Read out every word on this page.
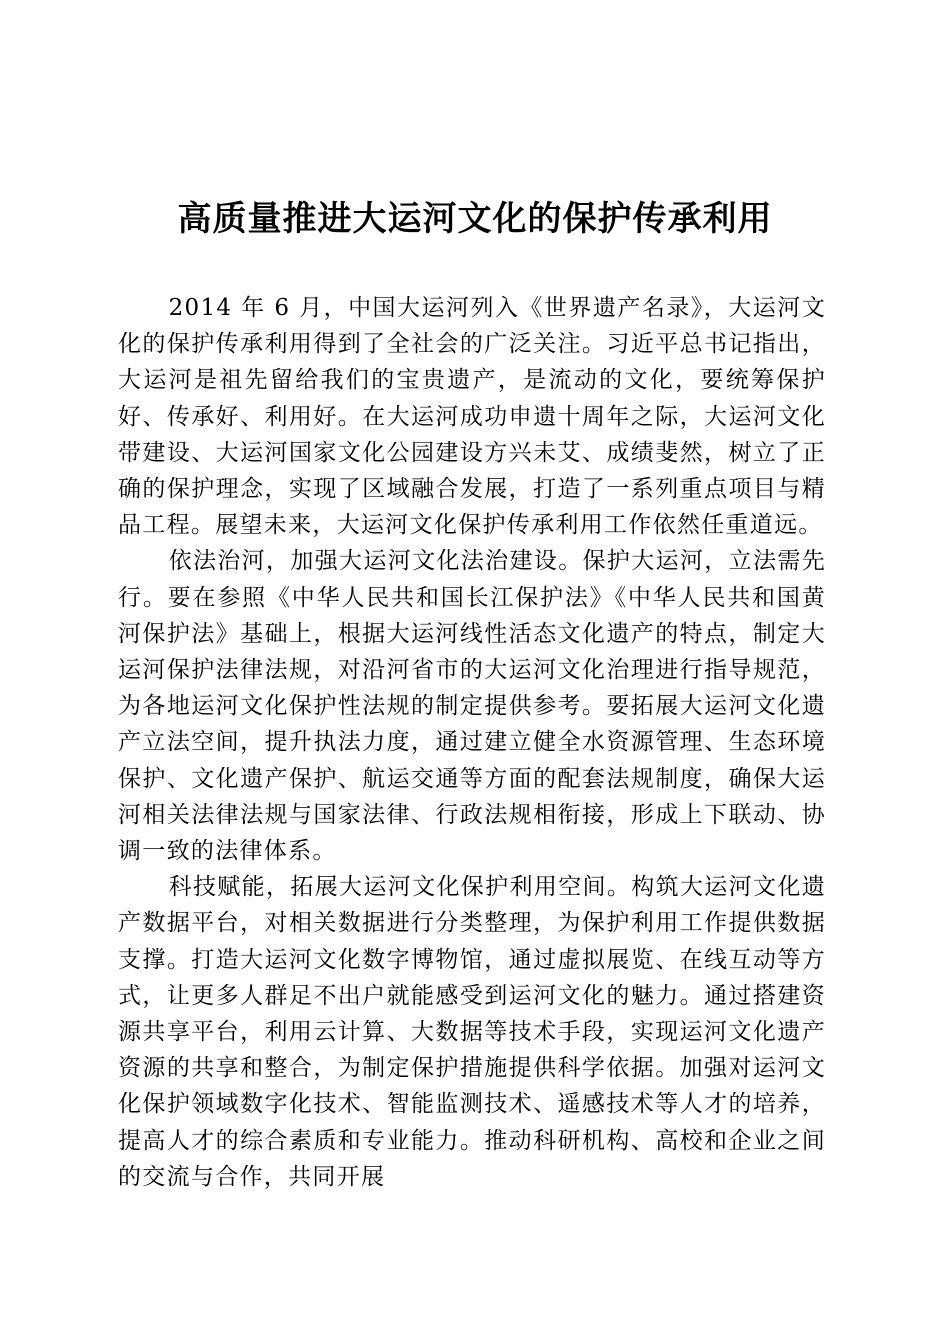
高质量推进大运河文化的保护传承利用

2014 年 6 月，中国大运河列入《世界遗产名录》，大运河文化的保护传承利用得到了全社会的广泛关注。习近平总书记指出，大运河是祖先留给我们的宝贵遗产，是流动的文化，要统筹保护好、传承好、利用好。在大运河成功申遗十周年之际，大运河文化带建设、大运河国家文化公园建设方兴未艾、成绩斐然，树立了正确的保护理念，实现了区域融合发展，打造了一系列重点项目与精品工程。展望未来，大运河文化保护传承利用工作依然任重道远。

依法治河，加强大运河文化法治建设。保护大运河，立法需先行。要在参照《中华人民共和国长江保护法》《中华人民共和国黄河保护法》基础上，根据大运河线性活态文化遗产的特点，制定大运河保护法律法规，对沿河省市的大运河文化治理进行指导规范，为各地运河文化保护性法规的制定提供参考。要拓展大运河文化遗产立法空间，提升执法力度，通过建立健全水资源管理、生态环境保护、文化遗产保护、航运交通等方面的配套法规制度，确保大运河相关法律法规与国家法律、行政法规相衔接，形成上下联动、协调一致的法律体系。

科技赋能，拓展大运河文化保护利用空间。构筑大运河文化遗产数据平台，对相关数据进行分类整理，为保护利用工作提供数据支撑。打造大运河文化数字博物馆，通过虚拟展览、在线互动等方式，让更多人群足不出户就能感受到运河文化的魅力。通过搭建资源共享平台，利用云计算、大数据等技术手段，实现运河文化遗产资源的共享和整合，为制定保护措施提供科学依据。加强对运河文化保护领域数字化技术、智能监测技术、遥感技术等人才的培养，提高人才的综合素质和专业能力。推动科研机构、高校和企业之间的交流与合作，共同开展
